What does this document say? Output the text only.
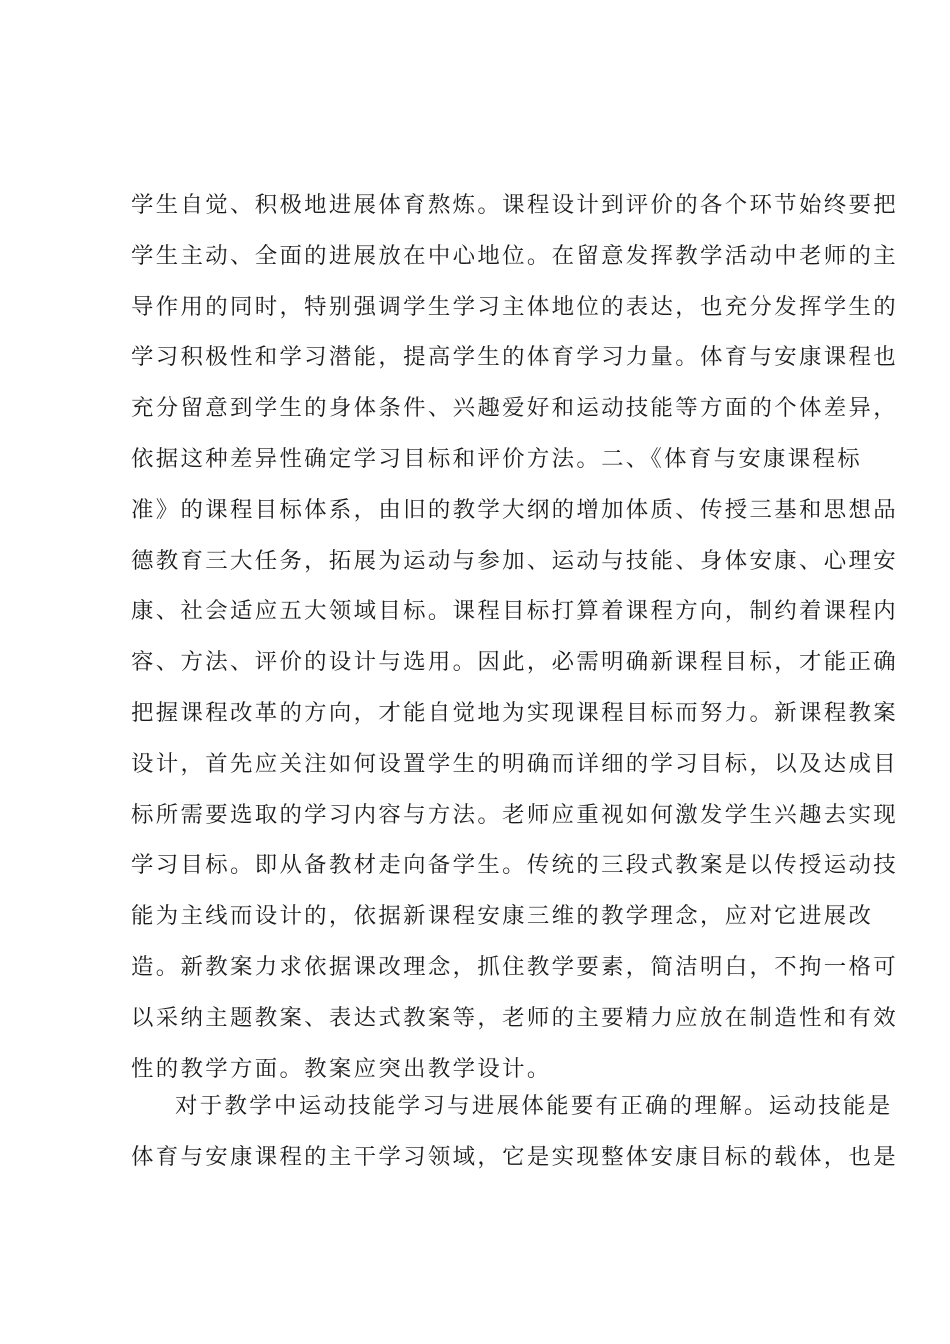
学生自觉、积极地进展体育熬炼。课程设计到评价的各个环节始终要把
学生主动、全面的进展放在中心地位。在留意发挥教学活动中老师的主
导作用的同时，特别强调学生学习主体地位的表达，也充分发挥学生的
学习积极性和学习潜能，提高学生的体育学习力量。体育与安康课程也
充分留意到学生的身体条件、兴趣爱好和运动技能等方面的个体差异，
依据这种差异性确定学习目标和评价方法。二、《体育与安康课程标
准》的课程目标体系，由旧的教学大纲的增加体质、传授三基和思想品
德教育三大任务，拓展为运动与参加、运动与技能、身体安康、心理安
康、社会适应五大领域目标。课程目标打算着课程方向，制约着课程内
容、方法、评价的设计与选用。因此，必需明确新课程目标，才能正确
把握课程改革的方向，才能自觉地为实现课程目标而努力。新课程教案
设计，首先应关注如何设置学生的明确而详细的学习目标，以及达成目
标所需要选取的学习内容与方法。老师应重视如何激发学生兴趣去实现
学习目标。即从备教材走向备学生。传统的三段式教案是以传授运动技
能为主线而设计的，依据新课程安康三维的教学理念，应对它进展改
造。新教案力求依据课改理念，抓住教学要素，简洁明白，不拘一格可
以采纳主题教案、表达式教案等，老师的主要精力应放在制造性和有效
性的教学方面。教案应突出教学设计。
对于教学中运动技能学习与进展体能要有正确的理解。运动技能是
体育与安康课程的主干学习领域，它是实现整体安康目标的载体，也是
